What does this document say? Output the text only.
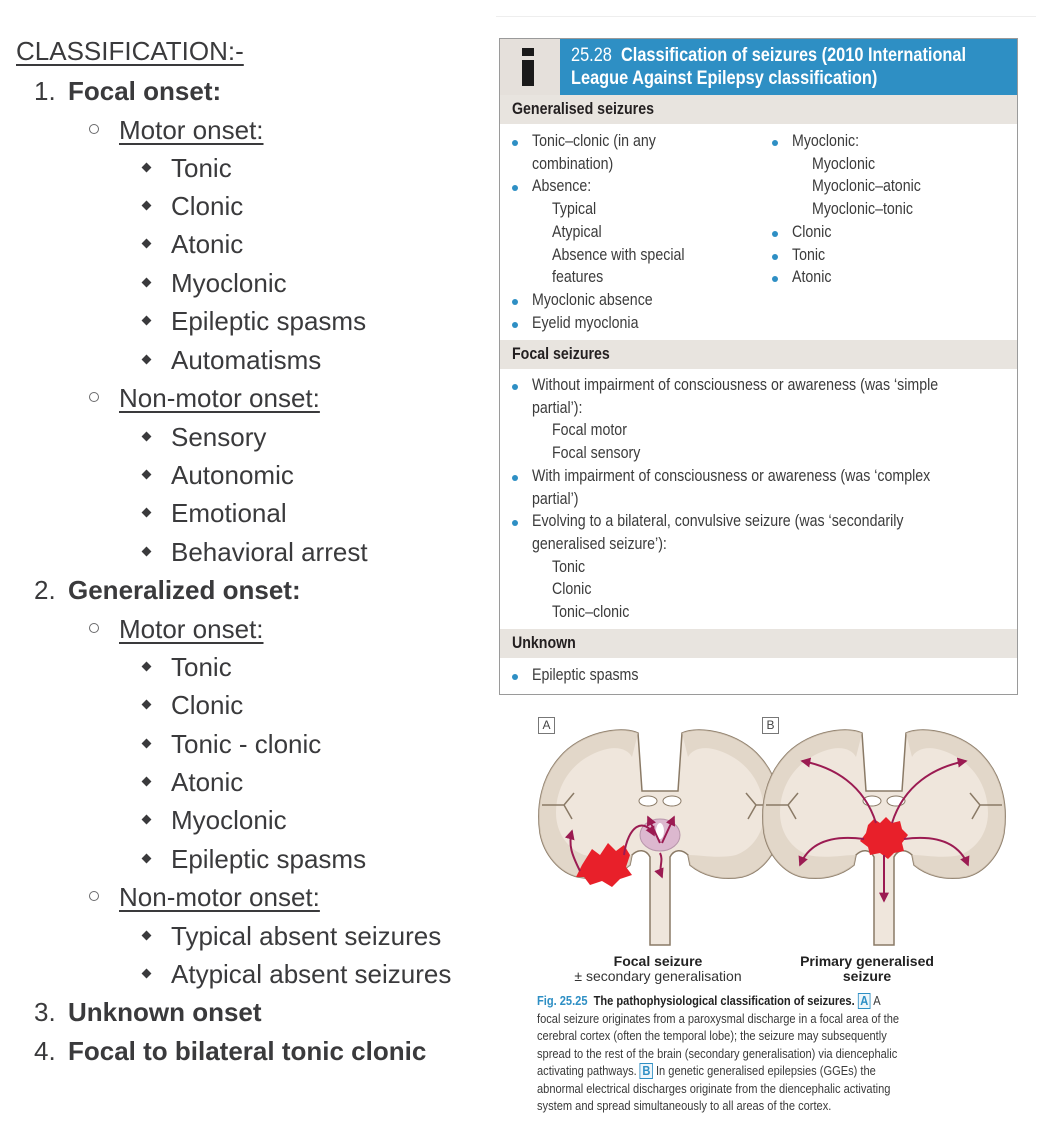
CLASSIFICATION:-
1. Focal onset:
Motor onset:
Tonic
Clonic
Atonic
Myoclonic
Epileptic spasms
Automatisms
Non-motor onset:
Sensory
Autonomic
Emotional
Behavioral arrest
2. Generalized onset:
Motor onset:
Tonic
Clonic
Tonic - clonic
Atonic
Myoclonic
Epileptic spasms
Non-motor onset:
Typical absent seizures
Atypical absent seizures
3. Unknown onset
4. Focal to bilateral tonic clonic
25.28 Classification of seizures (2010 International
League Against Epilepsy classification)
Generalised seizures
Tonic–clonic (in any
combination)
Absence:
Typical
Atypical
Absence with special
features
Myoclonic absence
Eyelid myoclonia
Myoclonic:
Myoclonic
Myoclonic–atonic
Myoclonic–tonic
Clonic
Tonic
Atonic
Focal seizures
Without impairment of consciousness or awareness (was ‘simple
partial’):
Focal motor
Focal sensory
With impairment of consciousness or awareness (was ‘complex
partial’)
Evolving to a bilateral, convulsive seizure (was ‘secondarily
generalised seizure’):
Tonic
Clonic
Tonic–clonic
Unknown
Epileptic spasms
A	B
Focal seizure
± secondary generalisation
Primary generalised
seizure
Fig. 25.25 The pathophysiological classification of seizures. A A
focal seizure originates from a paroxysmal discharge in a focal area of the
cerebral cortex (often the temporal lobe); the seizure may subsequently
spread to the rest of the brain (secondary generalisation) via diencephalic
activating pathways. B In genetic generalised epilepsies (GGEs) the
abnormal electrical discharges originate from the diencephalic activating
system and spread simultaneously to all areas of the cortex.
